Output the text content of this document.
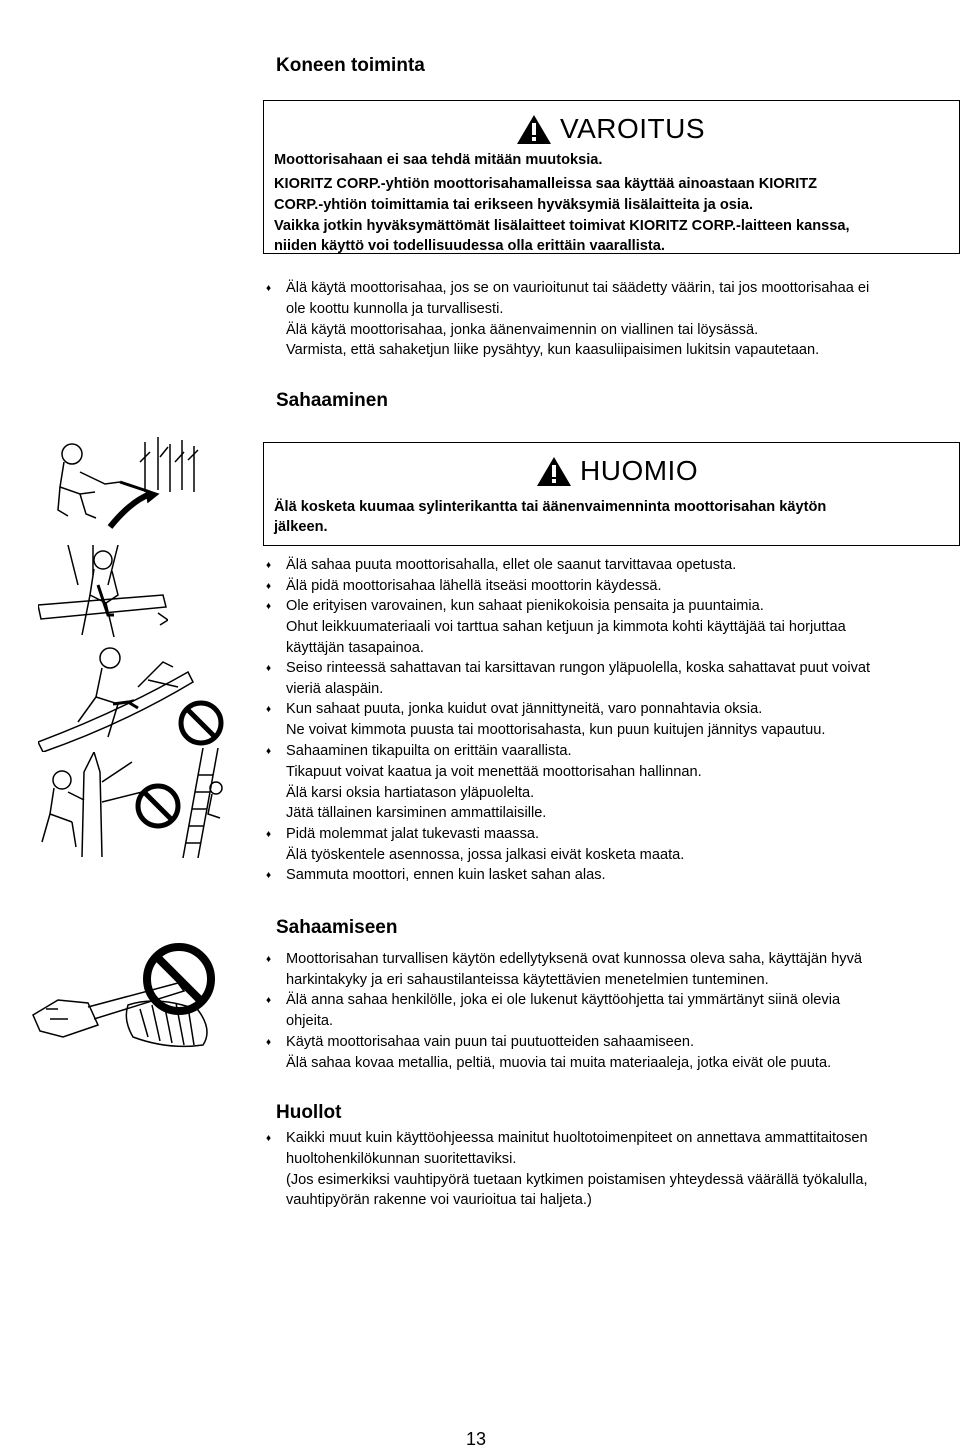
Koneen toiminta
VAROITUS
Moottorisahaan ei saa tehdä mitään muutoksia.
KIORITZ CORP.-yhtiön moottorisahamalleissa saa käyttää ainoastaan KIORITZ
CORP.-yhtiön toimittamia tai erikseen hyväksymiä lisälaitteita ja osia.
Vaikka jotkin hyväksymättömät lisälaitteet toimivat KIORITZ CORP.-laitteen kanssa,
niiden käyttö voi todellisuudessa olla erittäin vaarallista.
♦ Älä käytä moottorisahaa, jos se on vaurioitunut tai säädetty väärin, tai jos moottorisahaa ei
ole koottu kunnolla ja turvallisesti.
Älä käytä moottorisahaa, jonka äänenvaimennin on viallinen tai löysässä.
Varmista, että sahaketjun liike pysähtyy, kun kaasuliipaisimen lukitsin vapautetaan.
Sahaaminen
HUOMIO
Älä kosketa kuumaa sylinterikantta tai äänenvaimenninta moottorisahan käytön
jälkeen.
♦ Älä sahaa puuta moottorisahalla, ellet ole saanut tarvittavaa opetusta.
♦ Älä pidä moottorisahaa lähellä itseäsi moottorin käydessä.
♦ Ole erityisen varovainen, kun sahaat pienikokoisia pensaita ja puuntaimia.
Ohut leikkuumateriaali voi tarttua sahan ketjuun ja kimmota kohti käyttäjää tai horjuttaa
käyttäjän tasapainoa.
♦ Seiso rinteessä sahattavan tai karsittavan rungon yläpuolella, koska sahattavat puut voivat
vieriä alaspäin.
♦ Kun sahaat puuta, jonka kuidut ovat jännittyneitä, varo ponnahtavia oksia.
Ne voivat kimmota puusta tai moottorisahasta, kun puun kuitujen jännitys vapautuu.
♦ Sahaaminen tikapuilta on erittäin vaarallista.
Tikapuut voivat kaatua ja voit menettää moottorisahan hallinnan.
Älä karsi oksia hartiatason yläpuolelta.
Jätä tällainen karsiminen ammattilaisille.
♦ Pidä molemmat jalat tukevasti maassa.
Älä työskentele asennossa, jossa jalkasi eivät kosketa maata.
♦ Sammuta moottori, ennen kuin lasket sahan alas.
Sahaamiseen
♦ Moottorisahan turvallisen käytön edellytyksenä ovat kunnossa oleva saha, käyttäjän hyvä
harkintakyky ja eri sahaustilanteissa käytettävien menetelmien tunteminen.
♦ Älä anna sahaa henkilölle, joka ei ole lukenut käyttöohjetta tai ymmärtänyt siinä olevia
ohjeita.
♦ Käytä moottorisahaa vain puun tai puutuotteiden sahaamiseen.
Älä sahaa kovaa metallia, peltiä, muovia tai muita materiaaleja, jotka eivät ole puuta.
Huollot
♦ Kaikki muut kuin käyttöohjeessa mainitut huoltotoimenpiteet on annettava ammattitaitosen
huoltohenkilökunnan suoritettaviksi.
(Jos esimerkiksi vauhtipyörä tuetaan kytkimen poistamisen yhteydessä väärällä työkalulla,
vauhtipyörän rakenne voi vaurioitua tai haljeta.)
13
